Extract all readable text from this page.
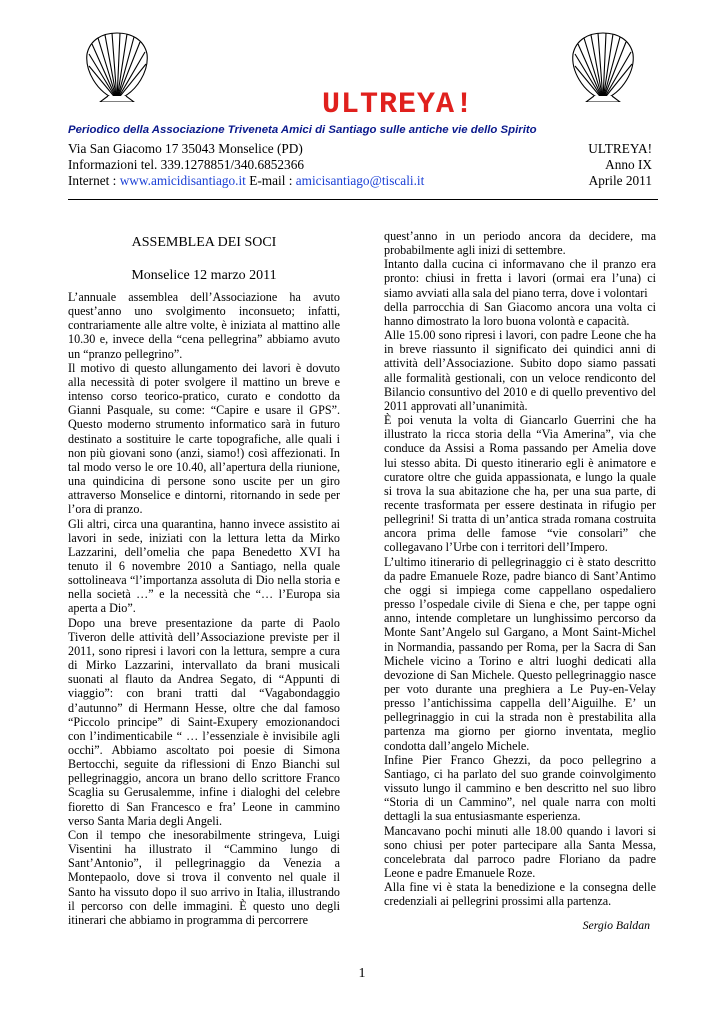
ULTREYA!
Periodico della Associazione Triveneta Amici di Santiago sulle antiche vie dello Spirito
Via San Giacomo 17 35043 Monselice (PD)	ULTREYA!
Informazioni tel. 339.1278851/340.6852366	Anno IX
Internet : www.amicidisantiago.it E-mail : amicisantiago@tiscali.it	Aprile 2011
ASSEMBLEA DEI SOCI
Monselice 12 marzo 2011

L’annuale assemblea dell’Associazione ha avuto

quest’anno uno svolgimento inconsueto; infatti,

contrariamente alle altre volte, è iniziata al mattino alle

10.30 e, invece della “cena pellegrina” abbiamo avuto

un “pranzo pellegrino”.

Il motivo di questo allungamento dei lavori è dovuto

alla necessità di poter svolgere il mattino un breve e

intenso corso teorico-pratico, curato e condotto da

Gianni Pasquale, su come: “Capire e usare il GPS”.

Questo moderno strumento informatico sarà in futuro

destinato a sostituire le carte topografiche, alle quali i

non più giovani sono (anzi, siamo!) così affezionati. In

tal modo verso le ore 10.40, all’apertura della riunione,

una quindicina di persone sono uscite per un giro

attraverso Monselice e dintorni, ritornando in sede per

l’ora di pranzo.

Gli altri, circa una quarantina, hanno invece assistito ai

lavori in sede, iniziati con la lettura letta da Mirko

Lazzarini, dell’omelia che papa Benedetto XVI ha

tenuto il 6 novembre 2010 a Santiago, nella quale

sottolineava “l’importanza assoluta di Dio nella storia e

nella società …” e la necessità che “… l’Europa sia

aperta a Dio”.

Dopo una breve presentazione da parte di Paolo

Tiveron delle attività dell’Associazione previste per il

2011, sono ripresi i lavori con la lettura, sempre a cura

di Mirko Lazzarini, intervallato da brani musicali

suonati al flauto da Andrea Segato, di “Appunti di

viaggio”: con brani tratti dal “Vagabondaggio

d’autunno” di Hermann Hesse, oltre che dal famoso

“Piccolo principe” di Saint-Exupery emozionandoci

con l’indimenticabile “ … l’essenziale è invisibile agli

occhi”. Abbiamo ascoltato poi poesie di Simona

Bertocchi, seguite da riflessioni di Enzo Bianchi sul

pellegrinaggio, ancora un brano dello scrittore Franco

Scaglia su Gerusalemme, infine i dialoghi del celebre

fioretto di San Francesco e fra’ Leone in cammino

verso Santa Maria degli Angeli.

Con il tempo che inesorabilmente stringeva, Luigi

Visentini ha illustrato il “Cammino lungo di

Sant’Antonio”, il pellegrinaggio da Venezia a

Montepaolo, dove si trova il convento nel quale il

Santo ha vissuto dopo il suo arrivo in Italia, illustrando

il percorso con delle immagini. È questo uno degli

itinerari che abbiamo in programma di percorrere

quest’anno in un periodo ancora da decidere, ma

probabilmente agli inizi di settembre.

Intanto dalla cucina ci informavano che il pranzo era

pronto: chiusi in fretta i lavori (ormai era l’una) ci

siamo avviati alla sala del piano terra, dove i volontari

della parrocchia di San Giacomo ancora una volta ci

hanno dimostrato la loro buona volontà e capacità.

Alle 15.00 sono ripresi i lavori, con padre Leone che ha

in breve riassunto il significato dei quindici anni di

attività dell’Associazione. Subito dopo siamo passati

alle formalità gestionali, con un veloce rendiconto del

Bilancio consuntivo del 2010 e di quello preventivo del

2011 approvati all’unanimità.

È poi venuta la volta di Giancarlo Guerrini che ha

illustrato la ricca storia della “Via Amerina”, via che

conduce da Assisi a Roma passando per Amelia dove

lui stesso abita. Di questo itinerario egli è animatore e

curatore oltre che guida appassionata, e lungo la quale

si trova la sua abitazione che ha, per una sua parte, di

recente trasformata per essere destinata in rifugio per

pellegrini! Si tratta di un’antica strada romana costruita

ancora prima delle famose “vie consolari” che

collegavano l’Urbe con i territori dell’Impero.

L’ultimo itinerario di pellegrinaggio ci è stato descritto

da padre Emanuele Roze, padre bianco di Sant’Antimo

che oggi si impiega come cappellano ospedaliero

presso l’ospedale civile di Siena e che, per tappe ogni

anno, intende completare un lunghissimo percorso da

Monte Sant’Angelo sul Gargano, a Mont Saint-Michel

in Normandia, passando per Roma, per la Sacra di San

Michele vicino a Torino e altri luoghi dedicati alla

devozione di San Michele. Questo pellegrinaggio nasce

per voto durante una preghiera a Le Puy-en-Velay

presso l’antichissima cappella dell’Aiguilhe. E’ un

pellegrinaggio in cui la strada non è prestabilita alla

partenza ma giorno per giorno inventata, meglio

condotta dall’angelo Michele.

Infine Pier Franco Ghezzi, da poco pellegrino a

Santiago, ci ha parlato del suo grande coinvolgimento

vissuto lungo il cammino e ben descritto nel suo libro

“Storia di un Cammino”, nel quale narra con molti

dettagli la sua entusiasmante esperienza.

Mancavano pochi minuti alle 18.00 quando i lavori si

sono chiusi per poter partecipare alla Santa Messa,

concelebrata dal parroco padre Floriano da padre

Leone e padre Emanuele Roze.

Alla fine vi è stata la benedizione e la consegna delle

credenziali ai pellegrini prossimi alla partenza.

Sergio Baldan
1
